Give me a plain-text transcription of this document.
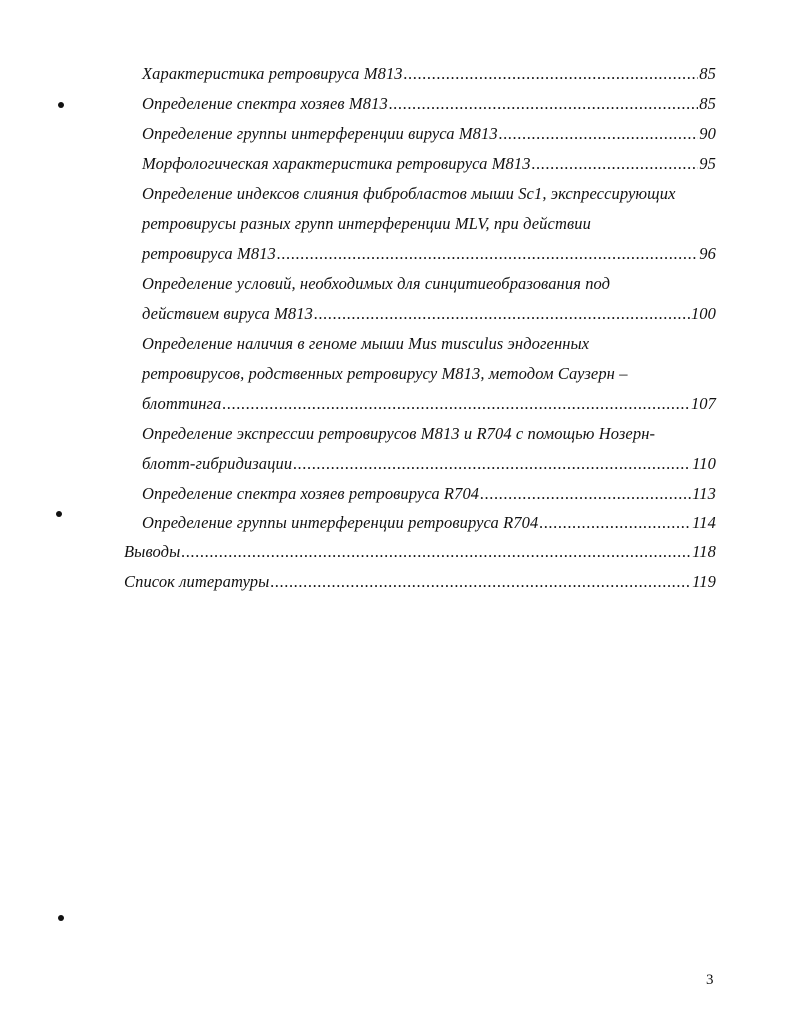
Характеристика ретровируса М813 .....	85
Определение спектра хозяев М813 .....	85
Определение группы интерференции вируса М813 .....	90
Морфологическая характеристика ретровируса М813 .....	95
Определение индексов слияния фибробластов мыши Sc1, экспрессирующих
ретровирусы разных групп интерференции MLV, при действии
ретровируса М813 .....	96
Определение условий, необходимых для синцитиеобразования под
действием вируса М813 .....	100
Определение наличия в геноме мыши Mus musculus эндогенных
ретровирусов, родственных ретровирусу М813, методом Саузерн –
блоттинга .....	107
Определение экспрессии ретровирусов М813 и R704 с помощью Нозерн-
блотт-гибридизации .....	110
Определение спектра хозяев ретровируса R704 .....	113
Определение группы интерференции ретровируса R704 .....	114
Выводы .....	118
Список литературы .....	119
3
